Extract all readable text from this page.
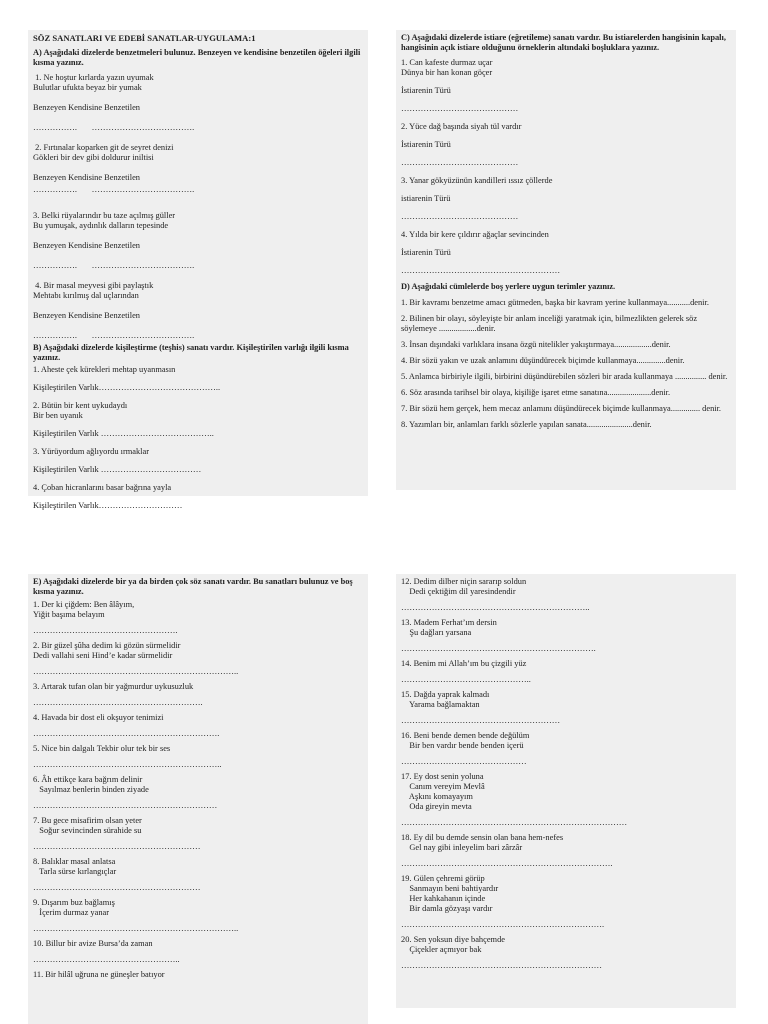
SÖZ SANATLARI VE EDEBİ SANATLAR-UYGULAMA:1
A) Aşağıdaki dizelerde benzetmeleri bulunuz. Benzeyen ve kendisine benzetilen öğeleri ilgili kısma yazınız.
1. Ne hoştur kırlarda yazın uyumak
Bulutlar ufukta beyaz bir yumak
Benzeyen Kendisine Benzetilen
…………….       ……………………………….
2. Fırtınalar koparken git de seyret denizi
Gökleri bir dev gibi doldurur iniltisi
Benzeyen Kendisine Benzetilen
…………….       ……………………………….
3. Belki rüyalarındır bu taze açılmış güller
Bu yumuşak, aydınlık dalların tepesinde
Benzeyen Kendisine Benzetilen
…………….       ……………………………….
4. Bir masal meyvesi gibi paylaştık
Mehtabı kırılmış dal uçlarından
Benzeyen Kendisine Benzetilen
…………….       ……………………………….
B) Aşağıdaki dizelerde kişileştirme (teşhis) sanatı vardır. Kişileştirilen varlığı ilgili kısma yazınız.
1. Aheste çek kürekleri mehtap uyanmasın
Kişileştirilen Varlık……………………………………..
2. Bütün bir kent uykudaydı
Bir ben uyanık
Kişileştirilen Varlık …………………………………..
3. Yürüyordum ağlıyordu ırmaklar
Kişileştirilen Varlık ………………………………
4. Çoban hicranlarını basar bağrına yayla
Kişileştirilen Varlık…………………………
C) Aşağıdaki dizelerde istiare (eğretileme) sanatı vardır. Bu istiarelerden hangisinin kapalı, hangisinin açık istiare olduğunu örneklerin altındaki boşluklara yazınız.
1. Can kafeste durmaz uçar
Dünya bir han konan göçer
İstiarenin Türü
……………………………………
2. Yüce dağ başında siyah tül vardır
İstiarenin Türü
……………………………………
3. Yanar gökyüzünün kandilleri ıssız çöllerde
istiarenin Türü
……………………………………
4. Yılda bir kere çıldırır ağaçlar sevincinden
İstiarenin Türü
…………………………………………………
D) Aşağıdaki cümlelerde boş yerlere uygun terimler yazınız.
1. Bir kavramı benzetme amacı gütmeden, başka bir kavram yerine kullanmaya...........denir.
2. Bilinen bir olayı, söyleyişte bir anlam inceliği yaratmak için, bilmezlikten gelerek söz söylemeye ..................denir.
3. İnsan dışındaki varlıklara insana özgü nitelikler yakıştırmaya..................denir.
4. Bir sözü yakın ve uzak anlamını düşündürecek biçimde kullanmaya..............denir.
5. Anlamca birbiriyle ilgili, birbirini düşündürebilen sözleri bir arada kullanmaya ............... denir.
6. Söz arasında tarihsel bir olaya, kişiliğe işaret etme sanatına.....................denir.
7. Bir sözü hem gerçek, hem mecaz anlamını düşündürecek biçimde kullanmaya.............. denir.
8. Yazımları bir, anlamları farklı sözlerle yapılan sanata......................denir.
E) Aşağıdaki dizelerde bir ya da birden çok söz sanatı vardır. Bu sanatları bulunuz ve boş kısma yazınız.
1. Der ki çiğdem: Ben âlâyım,
Yiğit başıma belayım
…………………………………………….
2. Bir güzel şûha dedim ki gözün sürmelidir
Dedi vallahi seni Hind’e kadar sürmelidir
………………………………………………………………..
3. Artarak tufan olan bir yağmurdur uykusuzluk
…………………………………………………….
4. Havada bir dost eli okşuyor tenimizi
………………………………………………………….
5. Nice bin dalgalı Tekbir olur tek bir ses
…………………………………………………………..
6. Âh ettikçe kara bağrım delinir
Sayılmaz benlerin binden ziyade
…………………………………………………………
7. Bu gece misafirim olsan yeter
Soğur sevincinden sürahide su
……………………………………………………
8. Balıklar masal anlatsa
Tarla sürse kırlangıçlar
……………………………………………………
9. Dışarım buz bağlamış
İçerim durmaz yanar
………………………………………………………………..
10. Billur bir avize Bursa’da zaman
……………………………………………..
11. Bir hilâl uğruna ne güneşler batıyor
12. Dedim dilber niçin sararıp soldun
Dedi çektiğim dil yaresindendir
…………………………………………………………..
13. Madem Ferhat’ım dersin
Şu dağları yarsana
…………………………………………………………….
14. Benim mi Allah’ım bu çizgili yüz
………………………………………..
15. Dağda yaprak kalmadı
Yarama bağlamaktan
…………………………………………………
16. Beni bende demen bende değülüm
Bir ben vardır bende benden içerü
………………………………………
17. Ey dost senin yoluna
Canım vereyim Mevlâ
Aşkını komayayım
Oda gireyin mevta
………………………………………………………………………
18. Ey dil bu demde sensin olan bana hem-nefes
Gel nay gibi inleyelim bari zârzâr
………………………………………………………………….
19. Gülen çehremi görüp
Sanmayın beni bahtiyardır
Her kahkahanın içinde
Bir damla gözyaşı vardır
……………………………………………………………….
20. Sen yoksun diye bahçemde
Çiçekler açmıyor bak
………………………………………………………………
